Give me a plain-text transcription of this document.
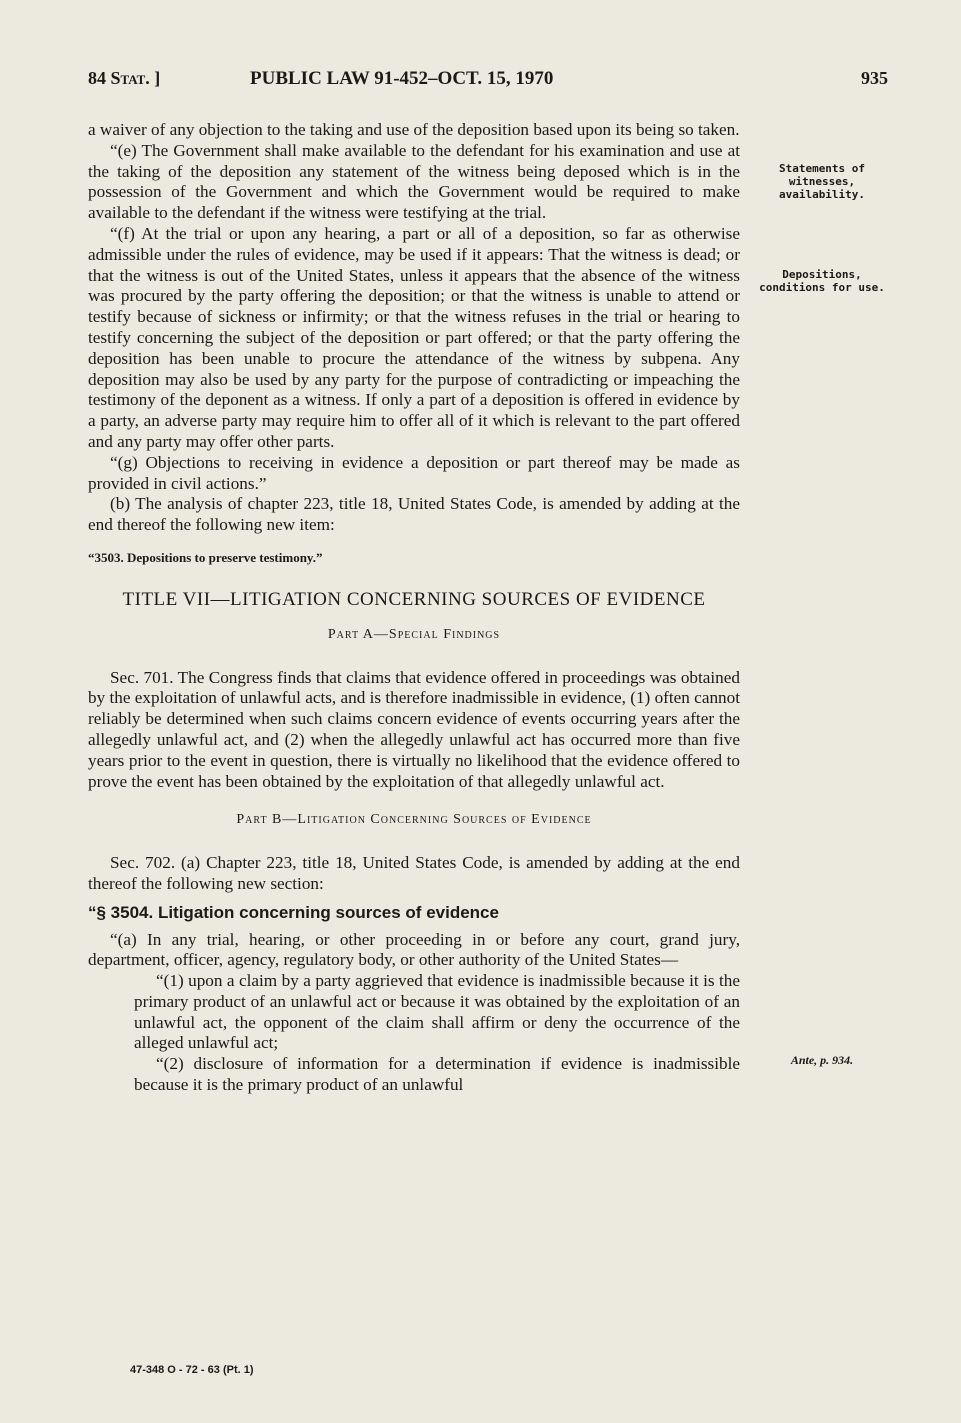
84 Stat. ]	PUBLIC LAW 91-452–OCT. 15, 1970	935
Statements of witnesses, availability.
Depositions, conditions for use.
Ante, p. 934.

a waiver of any objection to the taking and use of the deposition based upon its being so taken.

“(e) The Government shall make available to the defendant for his examination and use at the taking of the deposition any statement of the witness being deposed which is in the possession of the Government and which the Government would be required to make available to the defendant if the witness were testifying at the trial.

“(f) At the trial or upon any hearing, a part or all of a deposition, so far as otherwise admissible under the rules of evidence, may be used if it appears: That the witness is dead; or that the witness is out of the United States, unless it appears that the absence of the witness was procured by the party offering the deposition; or that the witness is unable to attend or testify because of sickness or infirmity; or that the witness refuses in the trial or hearing to testify concerning the subject of the deposition or part offered; or that the party offering the deposition has been unable to procure the attendance of the witness by subpena. Any deposition may also be used by any party for the purpose of contradicting or impeaching the testimony of the deponent as a witness. If only a part of a deposition is offered in evidence by a party, an adverse party may require him to offer all of it which is relevant to the part offered and any party may offer other parts.

“(g) Objections to receiving in evidence a deposition or part thereof may be made as provided in civil actions.”

(b) The analysis of chapter 223, title 18, United States Code, is amended by adding at the end thereof the following new item:

“3503. Depositions to preserve testimony.”

TITLE VII—LITIGATION CONCERNING SOURCES OF EVIDENCE

Part A—Special Findings

Sec. 701. The Congress finds that claims that evidence offered in proceedings was obtained by the exploitation of unlawful acts, and is therefore inadmissible in evidence, (1) often cannot reliably be determined when such claims concern evidence of events occurring years after the allegedly unlawful act, and (2) when the allegedly unlawful act has occurred more than five years prior to the event in question, there is virtually no likelihood that the evidence offered to prove the event has been obtained by the exploitation of that allegedly unlawful act.

Part B—Litigation Concerning Sources of Evidence

Sec. 702. (a) Chapter 223, title 18, United States Code, is amended by adding at the end thereof the following new section:

“§ 3504. Litigation concerning sources of evidence

“(a) In any trial, hearing, or other proceeding in or before any court, grand jury, department, officer, agency, regulatory body, or other authority of the United States—

“(1) upon a claim by a party aggrieved that evidence is inadmissible because it is the primary product of an unlawful act or because it was obtained by the exploitation of an unlawful act, the opponent of the claim shall affirm or deny the occurrence of the alleged unlawful act;

“(2) disclosure of information for a determination if evidence is inadmissible because it is the primary product of an unlawful

47-348 O - 72 - 63 (Pt. 1)
